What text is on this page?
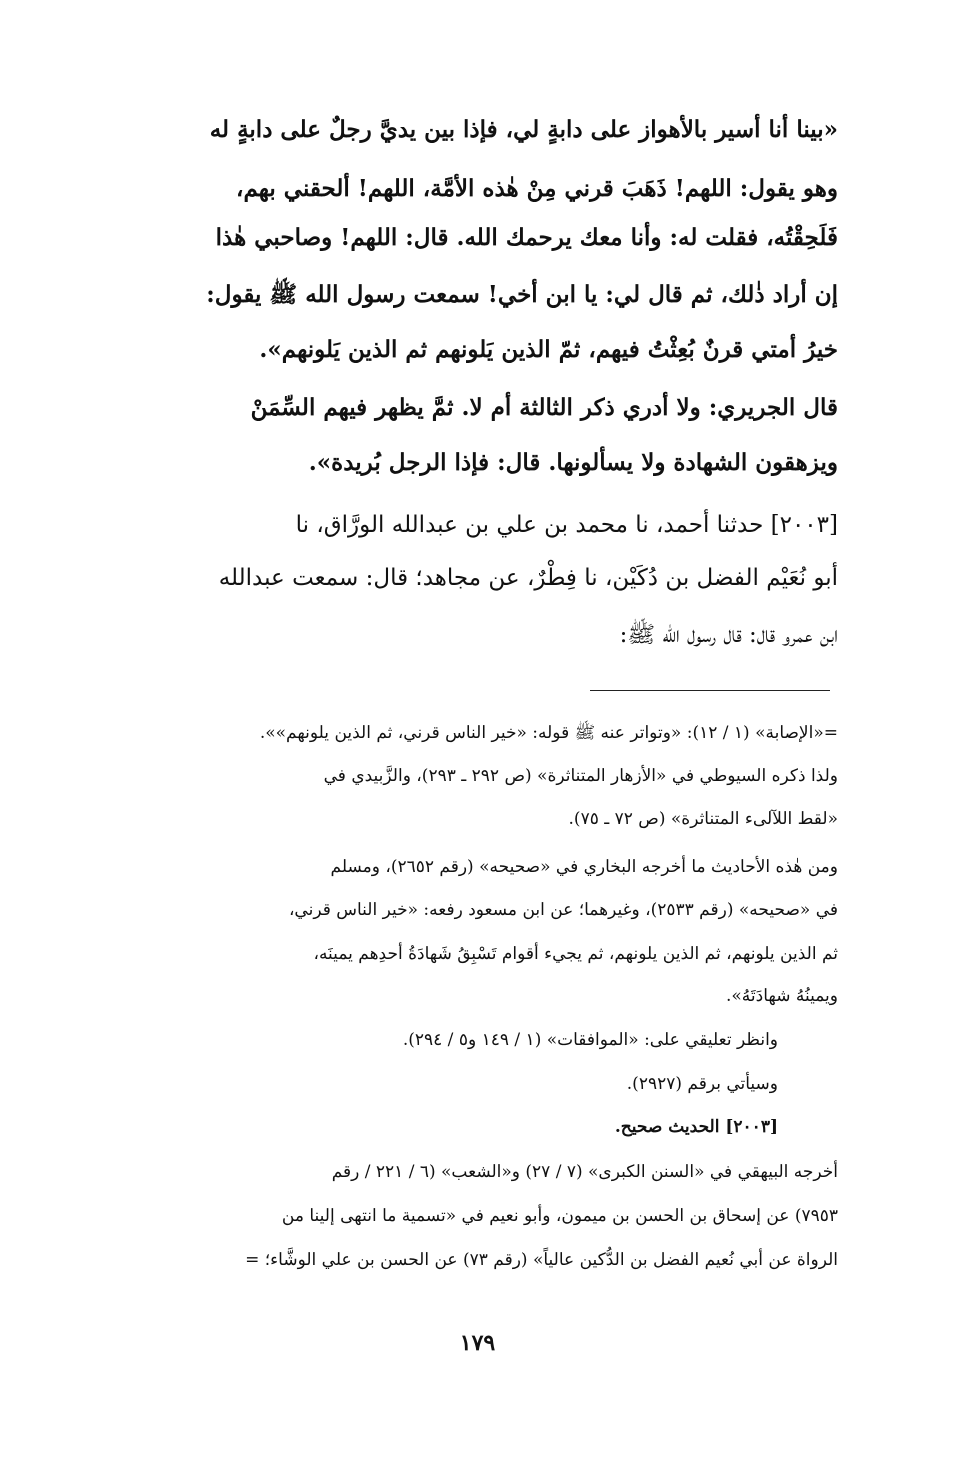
«بينا أنا أسير بالأهواز على دابةٍ لي، فإذا بين يديَّ رجلٌ على دابةٍ له
وهو يقول: اللهم! ذَهَبَ قرني مِنْ هٰذه الأمَّة، اللهم! ألحقني بهم،
فَلَحِقْتُه، فقلت له: وأنا معك يرحمك الله. قال: اللهم! وصاحبي هٰذا
إن أراد ذٰلك، ثم قال لي: يا ابن أخي! سمعت رسول الله ﷺ يقول:
خيرُ أمتي قرنٌ بُعِثْتُ فيهم، ثمّ الذين يَلونهم ثم الذين يَلونهم».
قال الجريري: ولا أدري ذكر الثالثة أم لا. ثمَّ يظهر فيهم السِّمَنْ
ويزهقون الشهادة ولا يسألونها. قال: فإذا الرجل بُريدة».
[٢٠٠٣] حدثنا أحمد، نا محمد بن علي بن عبدالله الورَّاق، نا
أبو نُعَيْم الفضل بن دُكَيْن، نا فِطْرٌ، عن مجاهد؛ قال: سمعت عبدالله
ابن عمرو قال: قال رسول الله ﷺ:
=«الإصابة» (١ / ١٢): «وتواتر عنه ﷺ قوله: «خير الناس قرني، ثم الذين يلونهم»».
ولذا ذكره السيوطي في «الأزهار المتناثرة» (ص ٢٩٢ ـ ٢٩٣)، والزَّبيدي في
«لقط اللآلىء المتناثرة» (ص ٧٢ ـ ٧٥).
ومن هٰذه الأحاديث ما أخرجه البخاري في «صحيحه» (رقم ٢٦٥٢)، ومسلم
في «صحيحه» (رقم ٢٥٣٣)، وغيرهما؛ عن ابن مسعود رفعه: «خير الناس قرني،
ثم الذين يلونهم، ثم الذين يلونهم، ثم يجيء أقوام تَسْبِقُ شَهادَةُ أحدِهم يمينَه،
ويمينُهُ شهادَتَهُ».
وانظر تعليقي على: «الموافقات» (١ / ١٤٩ و٥ / ٢٩٤).
وسيأتي برقم (٢٩٢٧).
[٢٠٠٣] الحديث صحيح.
أخرجه البيهقي في «السنن الكبرى» (٧ / ٢٧) و«الشعب» (٦ / ٢٢١ / رقم
٧٩٥٣) عن إسحاق بن الحسن بن ميمون، وأبو نعيم في «تسمية ما انتهى إلينا من
الرواة عن أبي نُعيم الفضل بن الدُّكين عالياً» (رقم ٧٣) عن الحسن بن علي الوشَّاء؛ =
١٧٩
